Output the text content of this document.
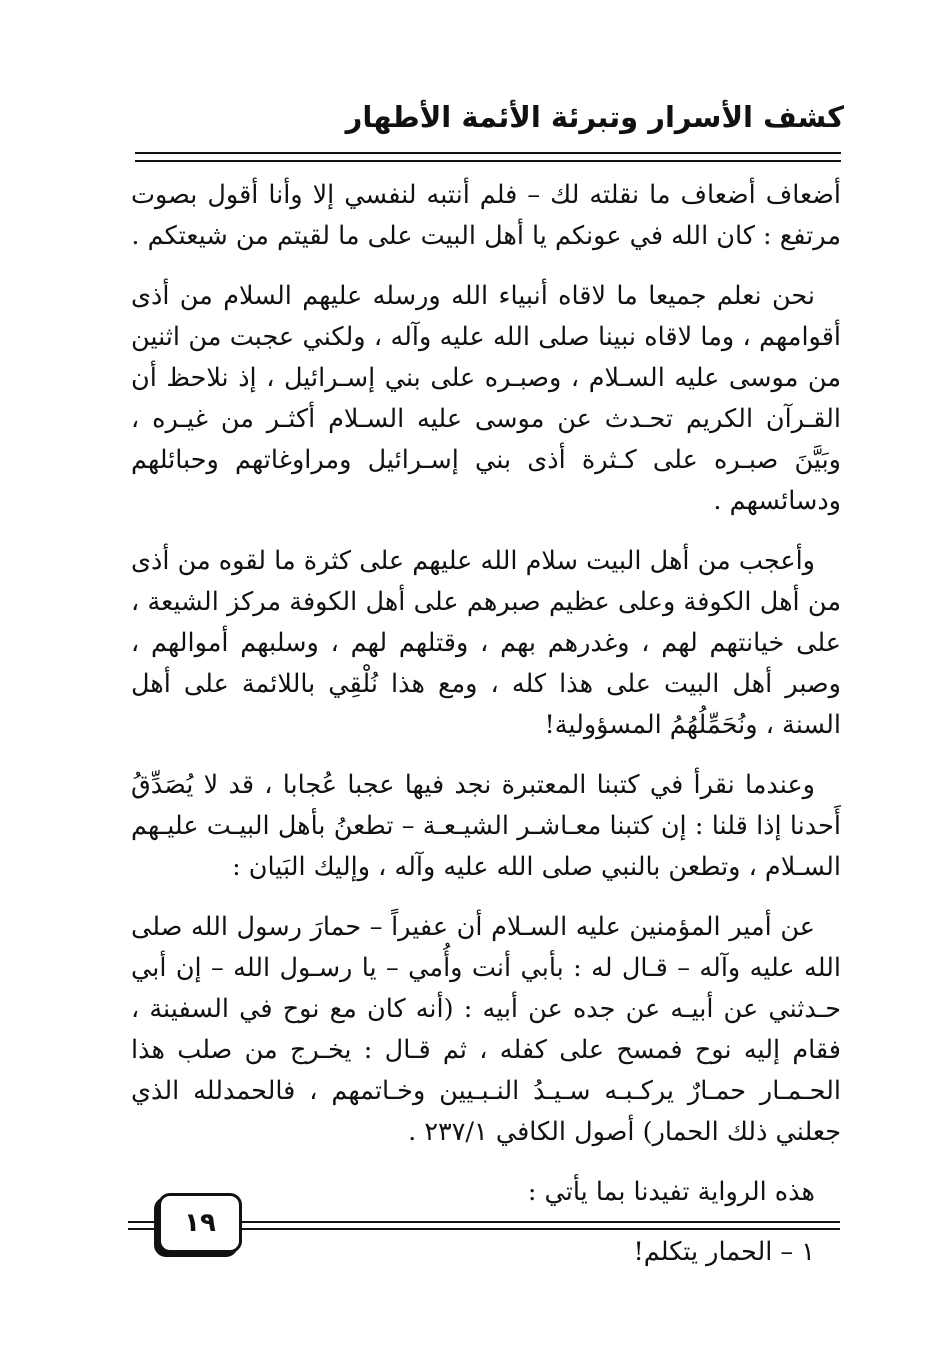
كشف الأسرار وتبرئة الأئمة الأطهار

أضعاف أضعاف ما نقلته لك – فلم أنتبه لنفسي إلا وأنا أقول بصوت مرتفع : كان الله في عونكم يا أهل البيت على ما لقيتم من شيعتكم .

نحن نعلم جميعا ما لاقاه أنبياء الله ورسله عليهم السلام من أذى أقوامهم ، وما لاقاه نبينا صلى الله عليه وآله ، ولكني عجبت من اثنين من موسى عليه السـلام ، وصبـره على بني إسـرائيل ، إذ نلاحظ أن القـرآن الكريم تحـدث عن موسى عليه السـلام أكثـر من غيـره ، وبَيَّنَ صبـره على كـثرة أذى بني إسـرائيل ومراوغاتهم وحبائلهم ودسائسهم .

وأعجب من أهل البيت سلام الله عليهم على كثرة ما لقوه من أذى من أهل الكوفة وعلى عظيم صبرهم على أهل الكوفة مركز الشيعة ، على خيانتهم لهم ، وغدرهم بهم ، وقتلهم لهم ، وسلبهم أموالهم ، وصبر أهل البيت على هذا كله ، ومع هذا نُلْقِي باللائمة على أهل السنة ، ونُحَمِّلُهُمُ المسؤولية!

وعندما نقرأ في كتبنا المعتبرة نجد فيها عجبا عُجابا ، قد لا يُصَدِّقُ أَحدنا إذا قلنا : إن كتبنا معـاشـر الشيـعـة – تطعنُ بأهل البيـت عليـهم السـلام ، وتطعن بالنبي صلى الله عليه وآله ، وإليك البَيان :

عن أمير المؤمنين عليه السـلام أن عفيراً – حمارَ رسول الله صلى الله عليه وآله – قـال له : بأبي أنت وأُمي – يا رسـول الله – إن أبي حـدثني عن أبيـه عن جده عن أبيه : (أنه كان مع نوح في السفينة ، فقام إليه نوح فمسح على كفله ، ثم قـال : يخـرج من صلب هذا الحـمـار حمـارٌ يركـبـه سـيـدُ النـبـيين وخـاتمهم ، فالحمدلله الذي جعلني ذلك الحمار) أصول الكافي ٢٣٧/١ .

هذه الرواية تفيدنا بما يأتي :

١ – الحمار يتكلم!

١٩
